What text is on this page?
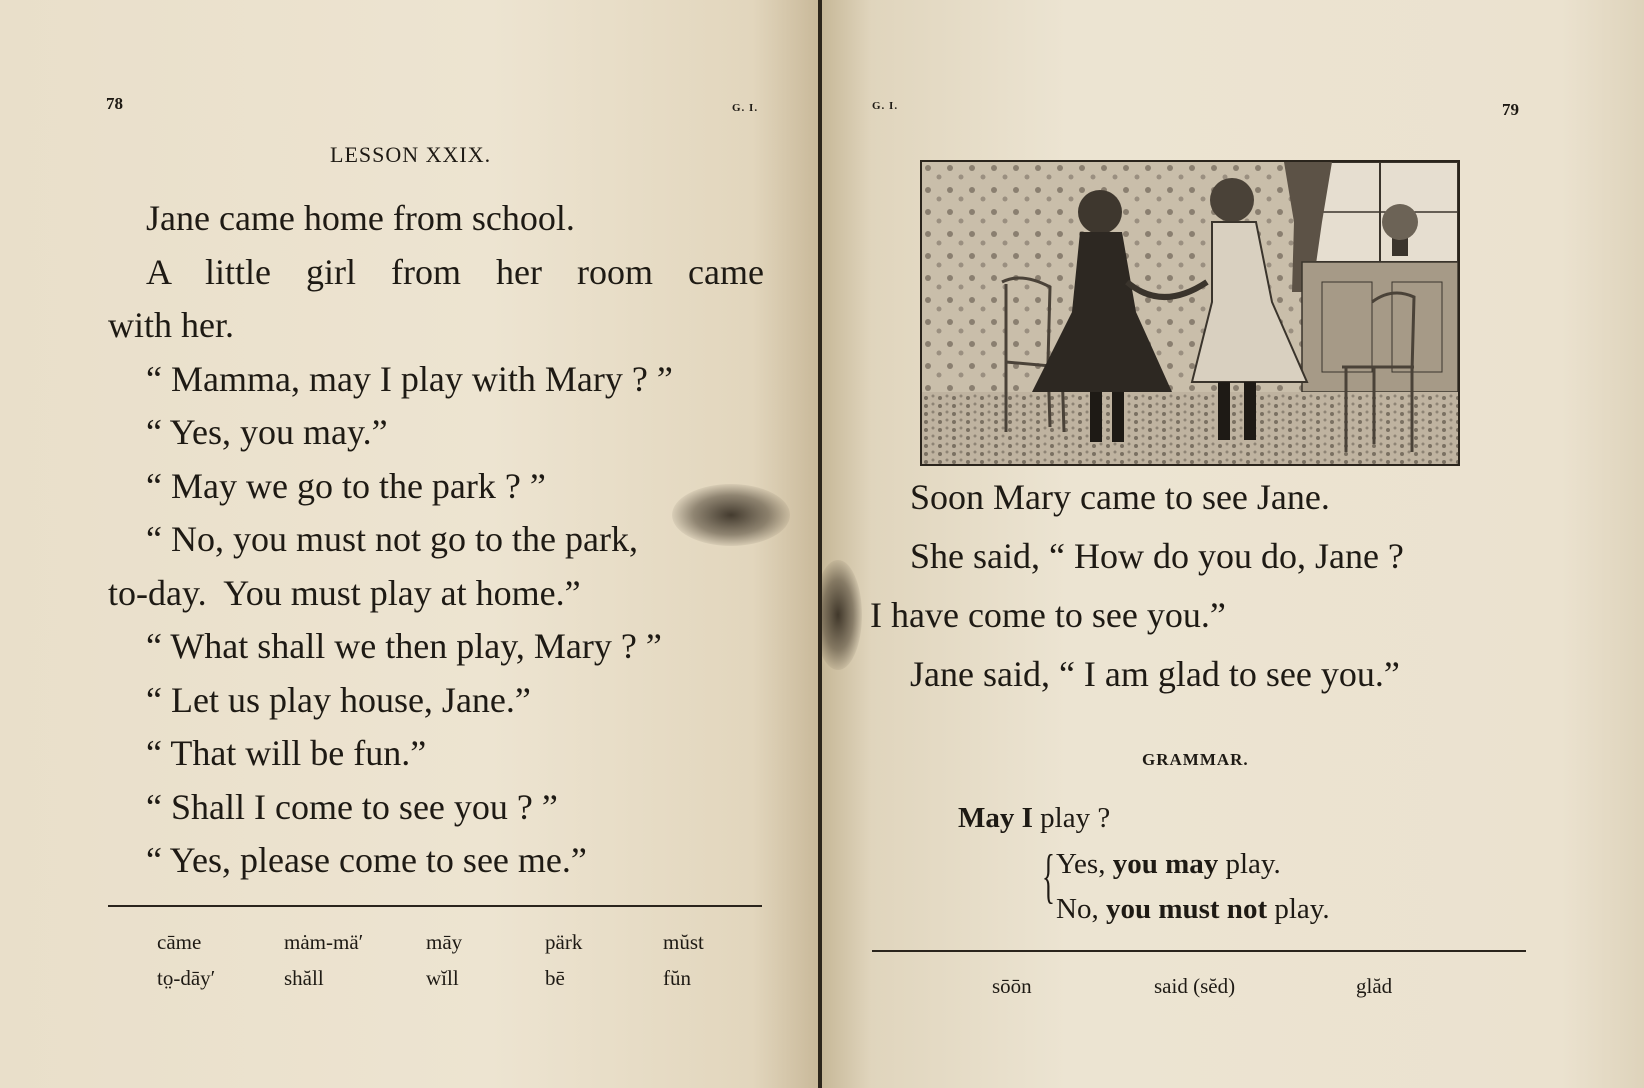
78	G. I.
LESSON XXIX.
Jane came home from school.
A little girl from her room came
with her.
“ Mamma, may I play with Mary ? ”
“ Yes, you may.”
“ May we go to the park ? ”
“ No, you must not go to the park,
to-day.  You must play at home.”
“ What shall we then play, Mary ? ”
“ Let us play house, Jane.”
“ That will be fun.”
“ Shall I come to see you ? ”
“ Yes, please come to see me.”
cāme	mȧm-mä′	māy	pärk	mŭst
to̤-dāy′	shăll	wĭll	bē	fŭn
G. I.	79
Soon Mary came to see Jane.
She said, “ How do you do, Jane ?
I have come to see you.”
Jane said, “ I am glad to see you.”
GRAMMAR.
May I play ?
{ Yes, you may play.
No, you must not play.
sōōn	said (sĕd)	glăd
